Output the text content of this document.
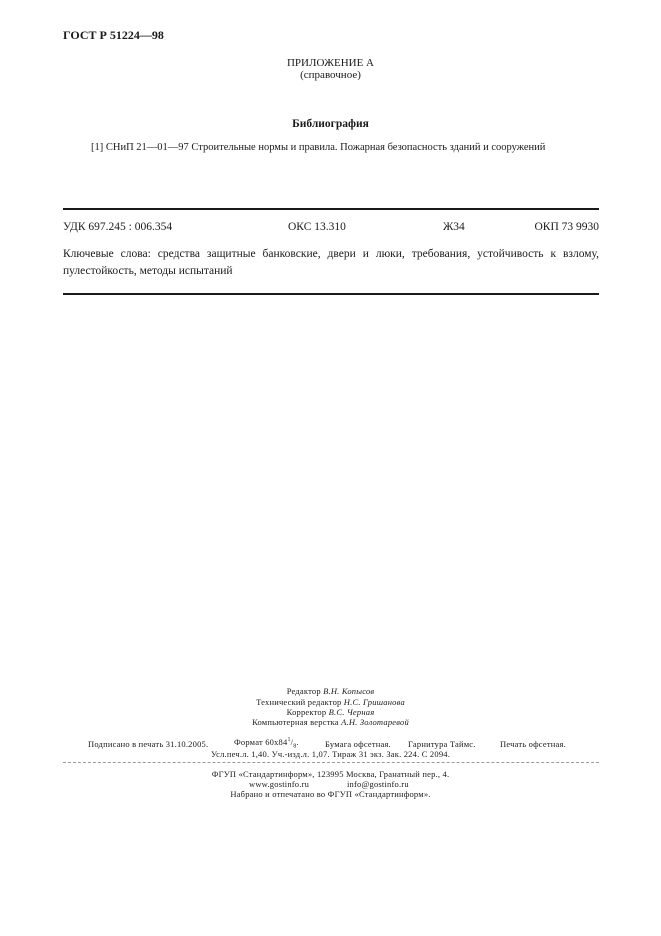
ГОСТ Р 51224—98
ПРИЛОЖЕНИЕ А
(справочное)
Библиография
[1] СНиП 21—01—97 Строительные нормы и правила. Пожарная безопасность зданий и сооружений
УДК 697.245 : 006.354	ОКС 13.310	Ж34	ОКП 73 9930
Ключевые слова: средства защитные банковские, двери и люки, требования, устойчивость к взлому,
пулестойкость, методы испытаний
Редактор В.Н. Копысов
Технический редактор Н.С. Гришанова
Корректор В.С. Черная
Компьютерная верстка А.Н. Золотаревой
Подписано в печать 31.10.2005.	Формат $60x84^1/_8$.	Бумага офсетная. Гарнитура Таймс.	Печать офсетная.
Усл.печ.л. 1,40. Уч.-изд.л. 1,07. Тираж 31 экз. Зак. 224. С 2094.
ФГУП «Стандартинформ», 123995 Москва, Гранатный пер., 4.
www.gostinfo.ru	info@gostinfo.ru
Набрано и отпечатано во ФГУП «Стандартинформ».
